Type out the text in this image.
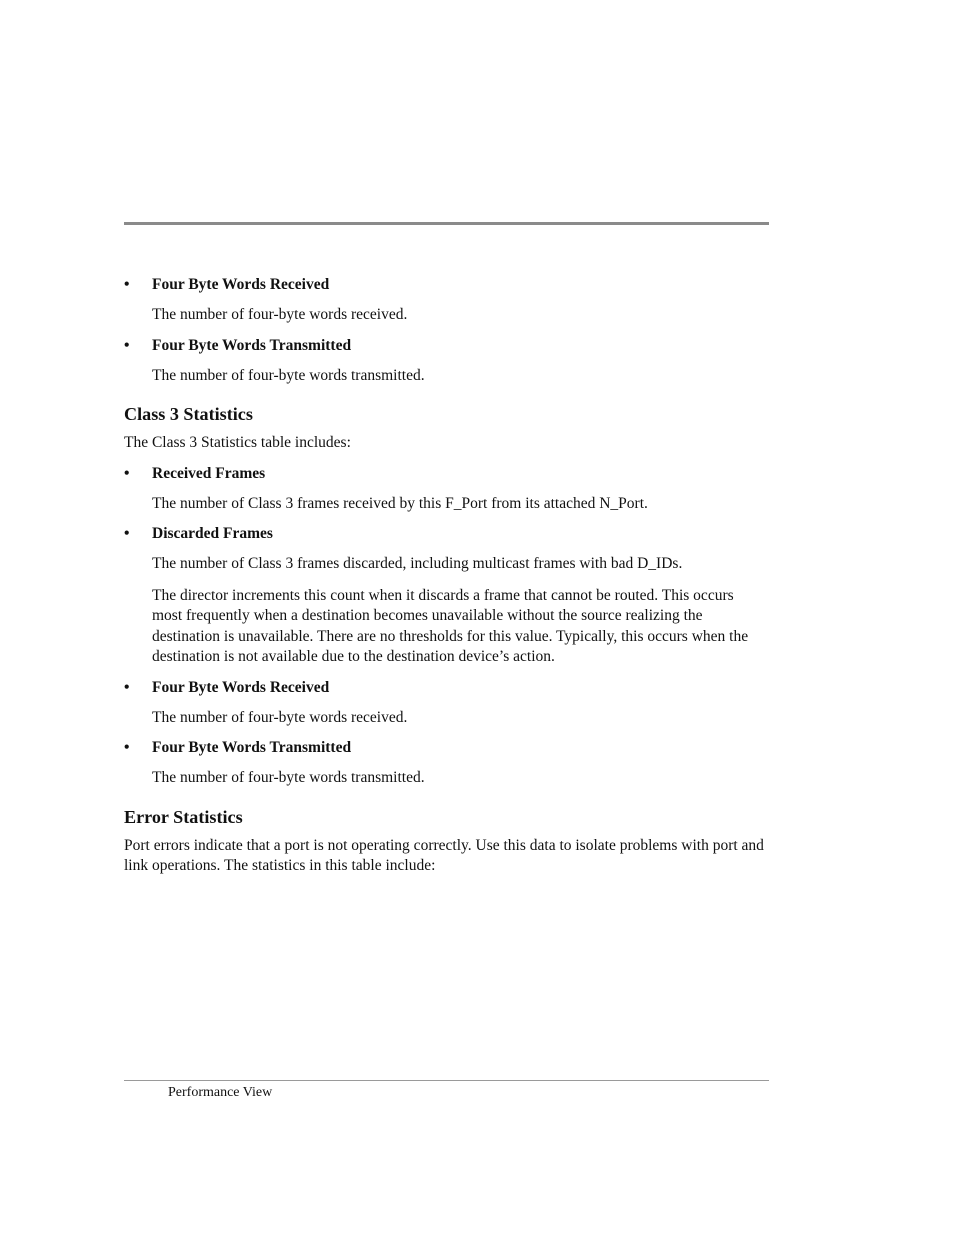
•	Four Byte Words Received

The number of four-byte words received.

•	Four Byte Words Transmitted

The number of four-byte words transmitted.

Class 3 Statistics

The Class 3 Statistics table includes:

•	Received Frames

The number of Class 3 frames received by this F_Port from its attached N_Port.

•	Discarded Frames

The number of Class 3 frames discarded, including multicast frames with bad D_IDs.

The director increments this count when it discards a frame that cannot be routed. This occurs most frequently when a destination becomes unavailable without the source realizing the destination is unavailable. There are no thresholds for this value. Typically, this occurs when the destination is not available due to the destination device’s action.

•	Four Byte Words Received

The number of four-byte words received.

•	Four Byte Words Transmitted

The number of four-byte words transmitted.

Error Statistics

Port errors indicate that a port is not operating correctly. Use this data to isolate problems with port and link operations. The statistics in this table include:

Performance View
